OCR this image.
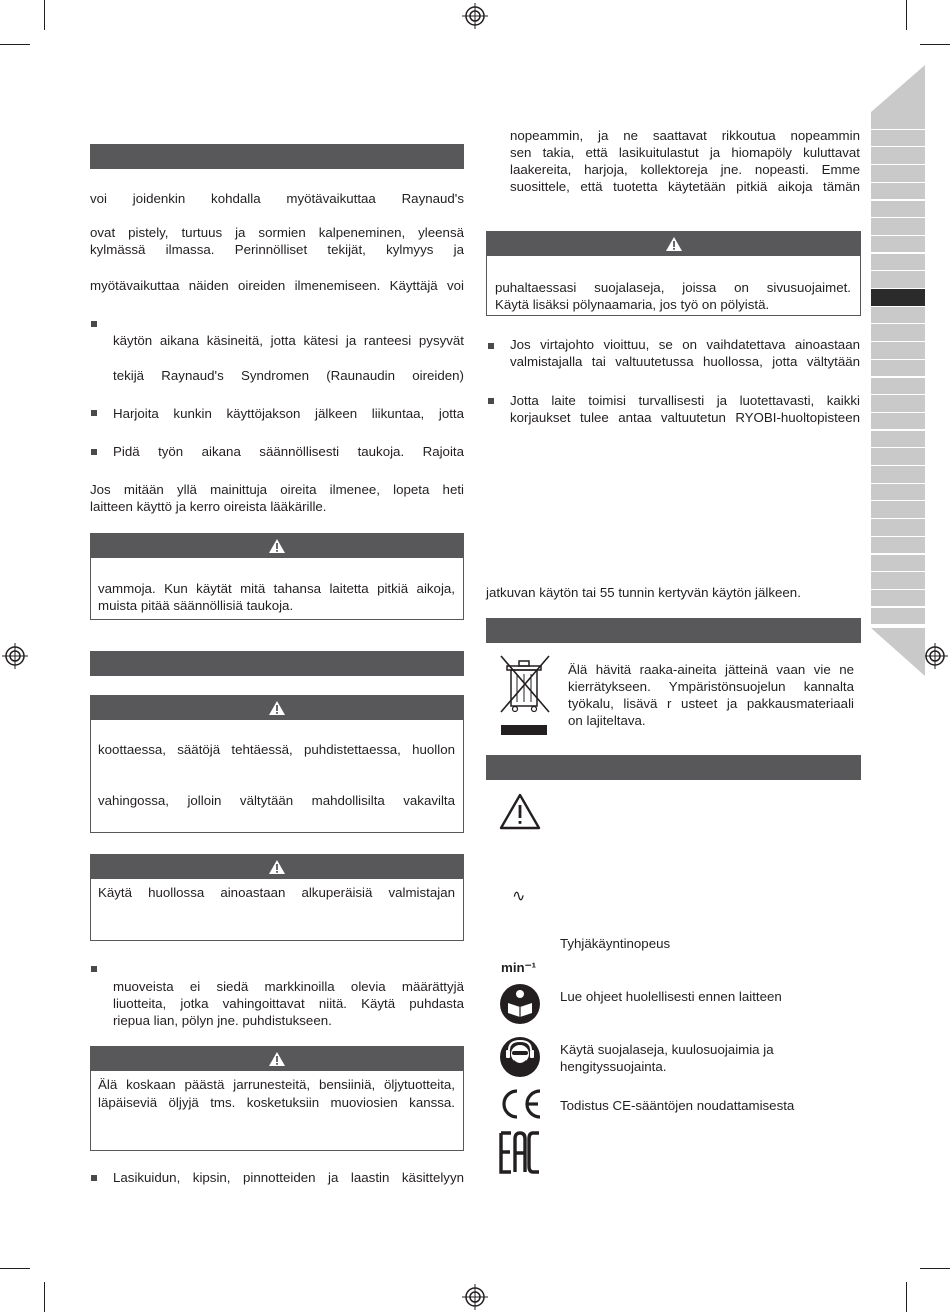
voi joidenkin kohdalla myötävaikuttaa Raynaud's
ovat pistely, turtuus ja sormien kalpeneminen, yleensä
kylmässä ilmassa. Perinnölliset tekijät, kylmyys ja
myötävaikuttaa näiden oireiden ilmenemiseen. Käyttäjä voi
käytön aikana käsineitä, jotta kätesi ja ranteesi pysyvät
tekijä Raynaud's Syndromen (Raunaudin oireiden)
Harjoita kunkin käyttöjakson jälkeen liikuntaa, jotta
Pidä työn aikana säännöllisesti taukoja. Rajoita
Jos mitään yllä mainittuja oireita ilmenee, lopeta heti
laitteen käyttö ja kerro oireista lääkärille.
vammoja. Kun käytät mitä tahansa laitetta pitkiä aikoja,
muista pitää säännöllisiä taukoja.
koottaessa, säätöjä tehtäessä, puhdistettaessa, huollon
vahingossa, jolloin vältytään mahdollisilta vakavilta
Käytä huollossa ainoastaan alkuperäisiä valmistajan
muoveista ei siedä markkinoilla olevia määrättyjä
liuotteita, jotka vahingoittavat niitä. Käytä puhdasta
riepua lian, pölyn jne. puhdistukseen.
Älä koskaan päästä jarrunesteitä, bensiiniä, öljytuotteita,
läpäiseviä öljyjä tms. kosketuksiin muoviosien kanssa.
Lasikuidun, kipsin, pinnotteiden ja laastin käsittelyyn
nopeammin, ja ne saattavat rikkoutua nopeammin
sen takia, että lasikuitulastut ja hiomapöly kuluttavat
laakereita, harjoja, kollektoreja jne. nopeasti. Emme
suosittele, että tuotetta käytetään pitkiä aikoja tämän
puhaltaessasi suojalaseja, joissa on sivusuojaimet.
Käytä lisäksi pölynaamaria, jos työ on pölyistä.
Jos virtajohto vioittuu, se on vaihdatettava ainoastaan
valmistajalla tai valtuutetussa huollossa, jotta vältytään
Jotta laite toimisi turvallisesti ja luotettavasti, kaikki
korjaukset tulee antaa valtuutetun RYOBI-huoltopisteen
jatkuvan käytön tai 55 tunnin kertyvän käytön jälkeen.
Älä hävitä raaka-aineita jätteinä vaan vie ne
kierrätykseen. Ympäristönsuojelun kannalta
työkalu, lisävä r usteet ja pakkausmateriaali
on lajiteltava.
∿
Tyhjäkäyntinopeus
min⁻¹
Lue ohjeet huolellisesti ennen laitteen
Käytä suojalaseja, kuulosuojaimia ja
hengityssuojainta.
Todistus CE-sääntöjen noudattamisesta
